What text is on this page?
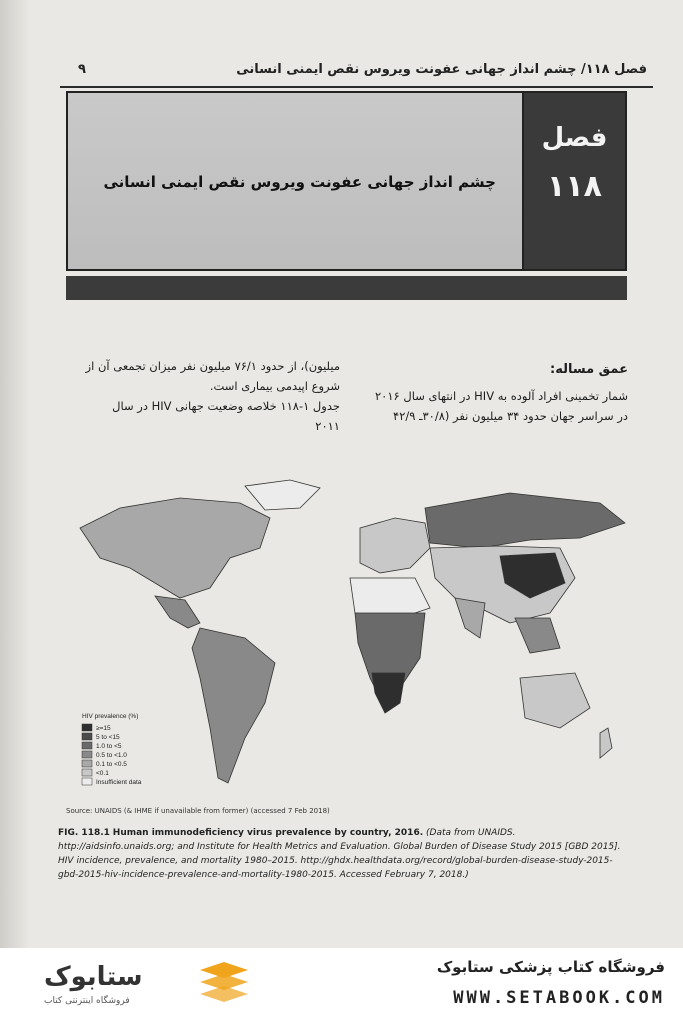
فصل ۱۱۸/ چشم انداز جهانی عفونت ویروس نقص ایمنی انسانی
۹
چشم انداز جهانی عفونت ویروس نقص ایمنی انسانی
فصل
۱۱۸
عمق مساله:
شمار تخمینی افراد آلوده به HIV در انتهای سال ۲۰۱۶
در سراسر جهان حدود ۳۴ میلیون نفر (۳۰/۸ـ ۴۲/۹
میلیون)، از حدود ۷۶/۱ میلیون نفر میزان تجمعی آن از
شروع اپیدمی بیماری است.
جدول ۱-۱۱۸ خلاصه وضعیت جهانی HIV در سال
۲۰۱۱
HIV prevalence (%)
≥=15
5 to <15
1.0 to <5
0.5 to <1.0
0.1 to <0.5
<0.1
Insufficient data
Source: UNAIDS (& IHME if unavailable from former) (accessed 7 Feb 2018)
FIG. 118.1 Human immunodeficiency virus prevalence by country, 2016. (Data from UNAIDS. http://aidsinfo.unaids.org; and Institute for Health Metrics and Evaluation. Global Burden of Disease Study 2015 [GBD 2015]. HIV incidence, prevalence, and mortality 1980–2015. http://ghdx.healthdata.org/record/global-burden-disease-study-2015-gbd-2015-hiv-incidence-prevalence-and-mortality-1980-2015. Accessed February 7, 2018.)
ستابوک
فروشگاه اینترنتی کتاب
فروشگاه کتاب پزشکی ستابوک
WWW.SETABOOK.COM
